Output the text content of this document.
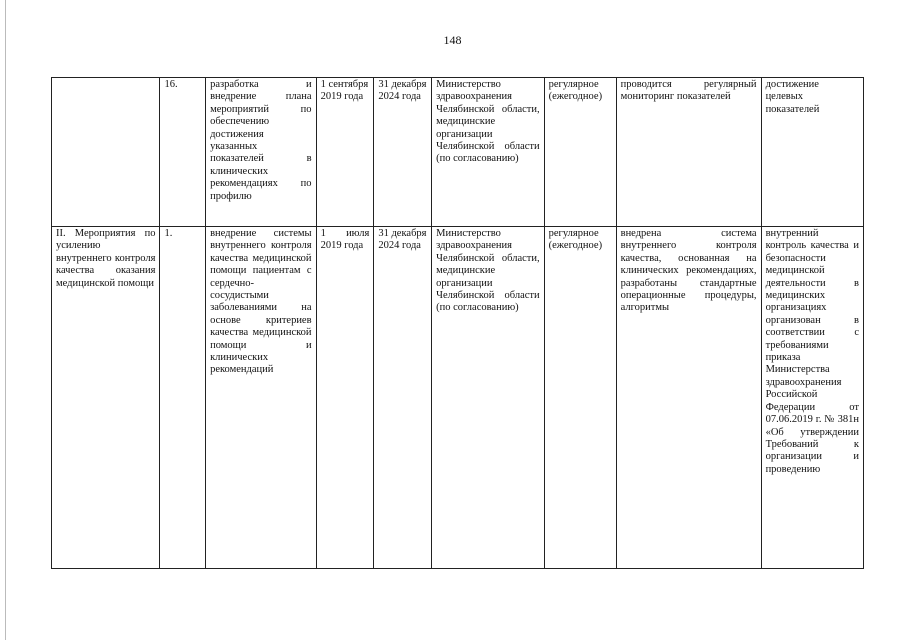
148
	16.	разработка и внедрение плана мероприятий по обеспечению достижения указанных показателей в клинических рекомендациях по профилю	1 сентября 2019 года	31 декабря 2024 года	Министерство здравоохранения Челябинской области, медицинские организации Челябинской области (по согласованию)	регулярное (ежегодное)	проводится регулярный мониторинг показателей	достижение целевых показателей
II. Мероприятия по усилению внутреннего контроля качества оказания медицинской помощи	1.	внедрение системы внутреннего контроля качества медицинской помощи пациентам с сердечно-сосудистыми заболеваниями на основе критериев качества медицинской помощи и клинических рекомендаций	1 июля 2019 года	31 декабря 2024 года	Министерство здравоохранения Челябинской области, медицинские организации Челябинской области (по согласованию)	регулярное (ежегодное)	внедрена система внутреннего контроля качества, основанная на клинических рекомендациях, разработаны стандартные операционные процедуры, алгоритмы	внутренний контроль качества и безопасности медицинской деятельности в медицинских организациях организован в соответствии с требованиями приказа Министерства здравоохранения Российской Федерации от 07.06.2019 г. № 381н «Об утверждении Требований к организации и проведению
